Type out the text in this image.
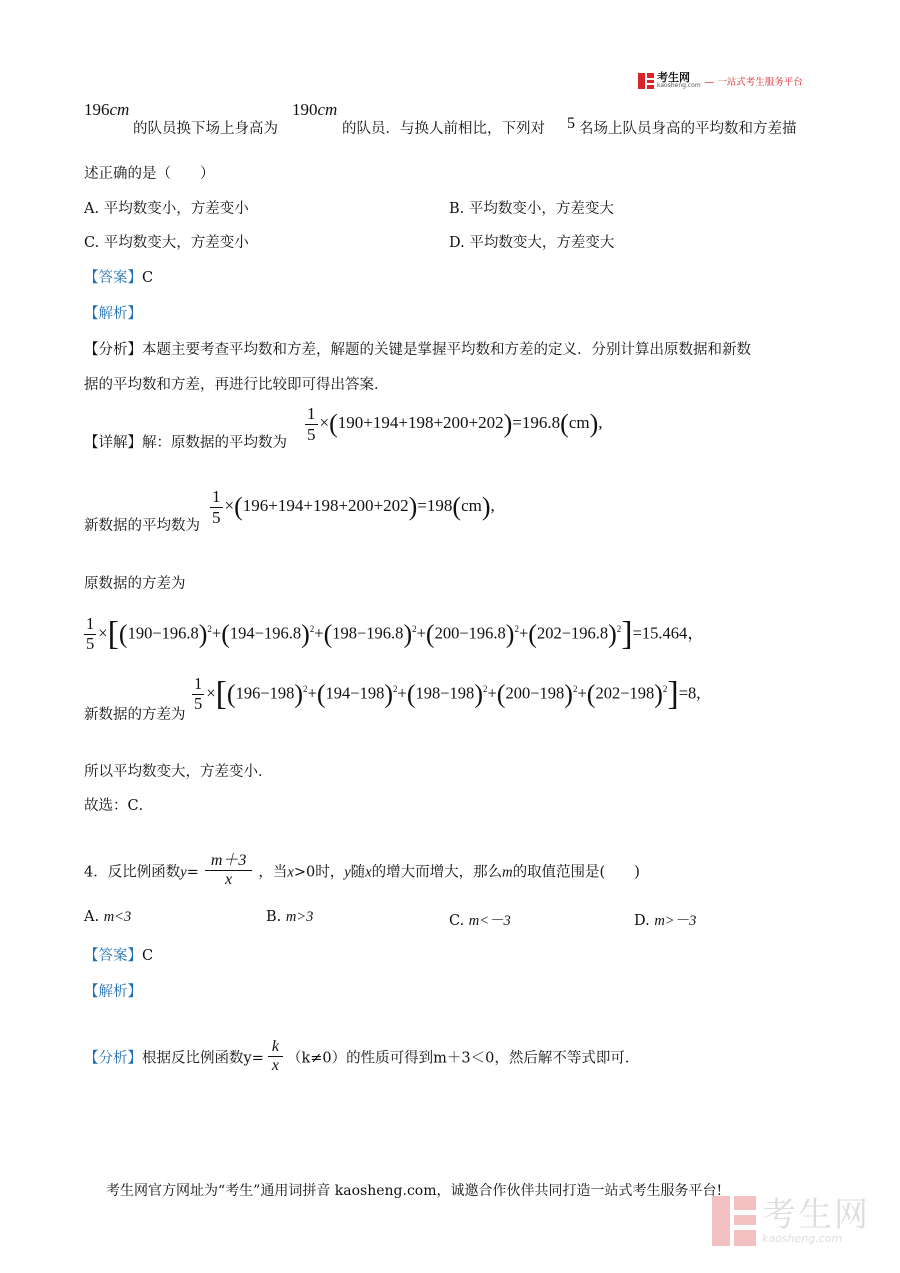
考生网
kaosheng.com — 一站式考生服务平台
196cm
的队员换下场上身高为
190cm
的队员．与换人前相比，下列对 5 名场上队员身高的平均数和方差描
述正确的是（　　）
A. 平均数变小，方差变小	B. 平均数变小，方差变大
C. 平均数变大，方差变小	D. 平均数变大，方差变大
【答案】C
【解析】
【分析】本题主要考查平均数和方差，解题的关键是掌握平均数和方差的定义．分别计算出原数据和新数
据的平均数和方差，再进行比较即可得出答案．
【详解】解：原数据的平均数为 $\frac{1}{5} \times(190+194+198+200+202)=196.8(cm)$,
新数据的平均数为 $\frac{1}{5} \times(196+194+198+200+202)=198(cm)$,
原数据的方差为
$\frac{1}{5} \times[(190-196.8)^2+(194-196.8)^2+(198-196.8)^2+(200-196.8)^2+(202-196.8)^2]=15.464$，
新数据的方差为
$\frac{1}{5} \times[(196-198)^2+(194-198)^2+(198-198)^2+(200-198)^2+(202-198)^2]=8$,
所以平均数变大，方差变小．
故选：C．
4．反比例函数$y= \frac{m+3}{x}$ ，当x>0时，y随x的增大而增大，那么m的取值范围是(　　)
A. m<3	B. m>3	C. m<－3	D. m>－3
【答案】C
【解析】
【分析】根据反比例函数$y= \frac{k}{x} (k\ne 0)$的性质可得到m＋3＜0，然后解不等式即可．
考生网官方网址为“考生”通用词拼音 kaosheng.com，诚邀合作伙伴共同打造一站式考生服务平台!
考生网
kaosheng.com
